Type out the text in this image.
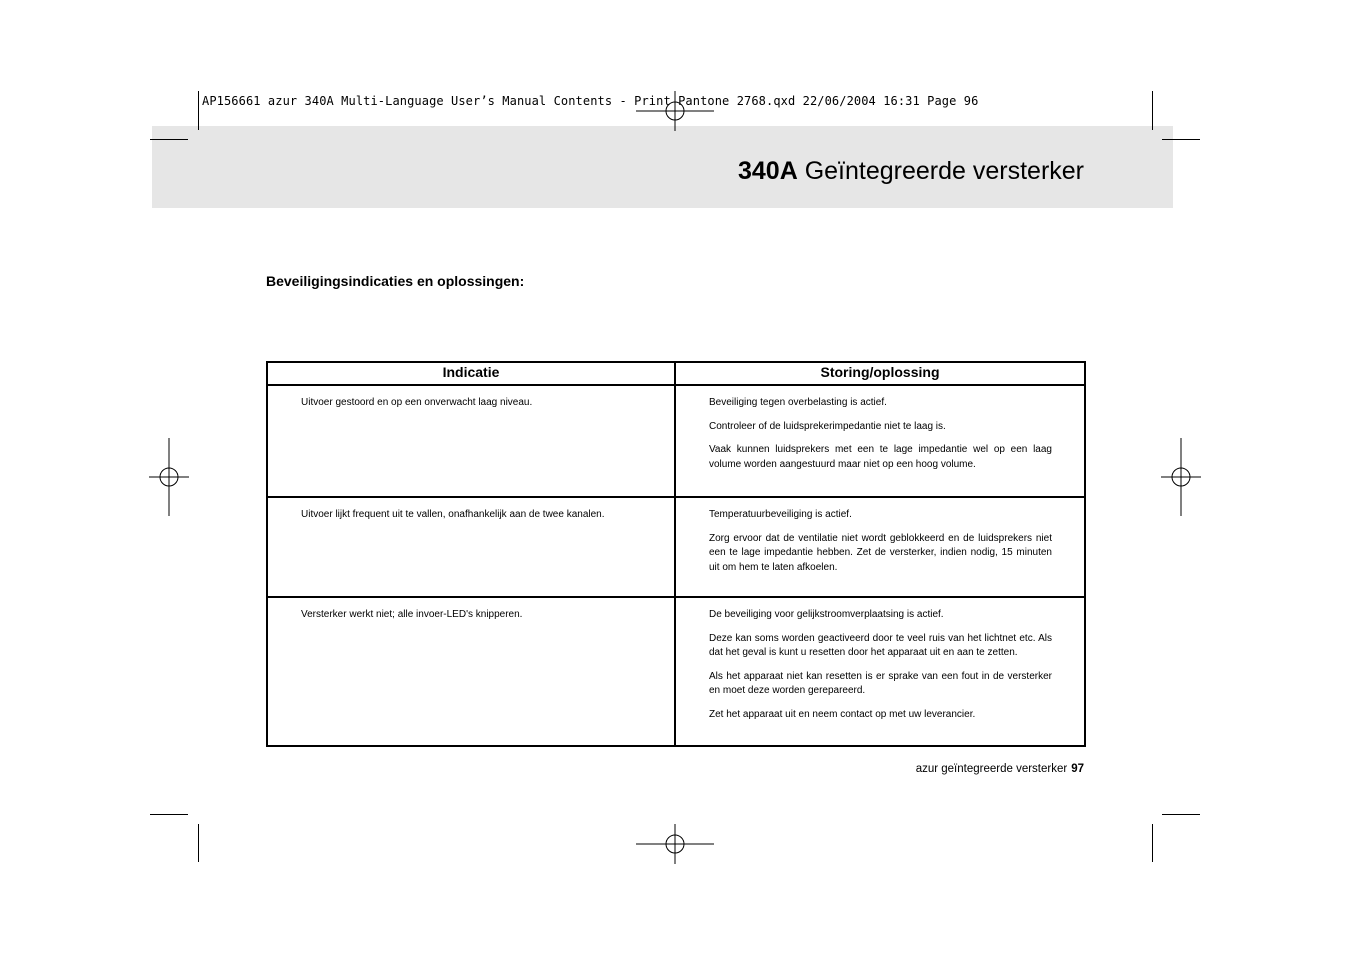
AP156661 azur 340A Multi-Language User’s Manual Contents - Print Pantone 2768.qxd 22/06/2004 16:31 Page 96
340A Geïntegreerde versterker
Beveiligingsindicaties en oplossingen:
Indicatie	Storing/oplossing
Uitvoer gestoord en op een onverwacht laag niveau.	Beveiliging tegen overbelasting is actief.

Controleer of de luidsprekerimpedantie niet te laag is.

Vaak kunnen luidsprekers met een te lage impedantie wel op een laag volume worden aangestuurd maar niet op een hoog volume.

Uitvoer lijkt frequent uit te vallen, onafhankelijk aan de twee kanalen.	Temperatuurbeveiliging is actief.

Zorg ervoor dat de ventilatie niet wordt geblokkeerd en de luidsprekers niet een te lage impedantie hebben. Zet de versterker, indien nodig, 15 minuten uit om hem te laten afkoelen.

Versterker werkt niet; alle invoer-LED's knipperen.	De beveiliging voor gelijkstroomverplaatsing is actief.

Deze kan soms worden geactiveerd door te veel ruis van het lichtnet etc. Als dat het geval is kunt u resetten door het apparaat uit en aan te zetten.

Als het apparaat niet kan resetten is er sprake van een fout in de versterker en moet deze worden gerepareerd.

Zet het apparaat uit en neem contact op met uw leverancier.

azur geïntegreerde versterker 97
